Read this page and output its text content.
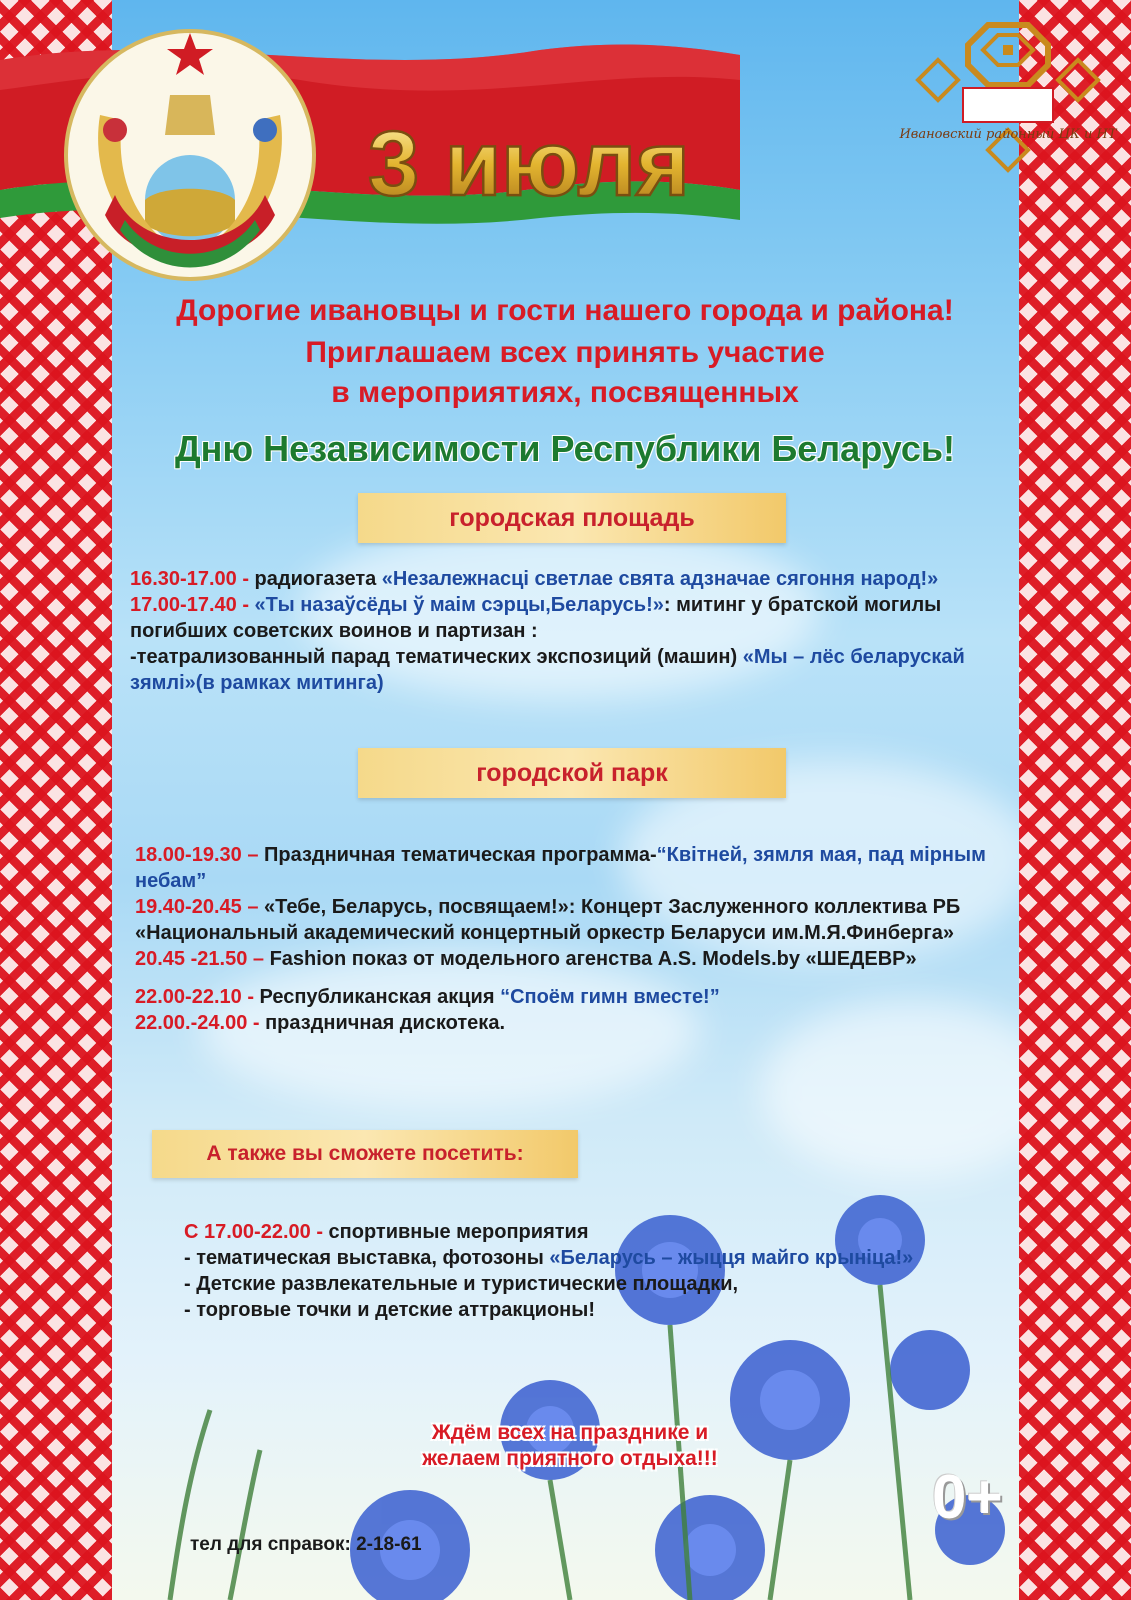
3 июля	Ивановский районный ЦК и НТ

Дорогие ивановцы и гости нашего города и района!

Приглашаем всех принять участие

в мероприятиях, посвященных

Дню Независимости Республики Беларусь!

городская площадь
16.30-17.00 - радиогазета «Незалежнасці светлае свята адзначае сягоння народ!»
17.00-17.40 - «Ты назаўсёды ў маім сэрцы,Беларусь!»: митинг у братской могилы погибших советских воинов и партизан :
-театрализованный парад тематических экспозиций (машин) «Мы – лёс беларускай зямлі»(в рамках митинга)
городской парк
18.00-19.30 – Праздничная тематическая программа-“Квітней, зямля мая, пад мірным небам”
19.40-20.45 – «Тебе, Беларусь, посвящаем!»: Концерт Заслуженного коллектива РБ «Национальный академический концертный оркестр Беларуси им.М.Я.Финберга»
20.45 -21.50 – Fashion показ от модельного агенства A.S. Models.by «ШЕДЕВР»
22.00-22.10 - Республиканская акция “Споём гимн вместе!”
22.00.-24.00 - праздничная дискотека.
А также вы сможете посетить:
С 17.00-22.00 - спортивные мероприятия
- тематическая выставка, фотозоны «Беларусь – жыцця майго крыніца!»
- Детские развлекательные и туристические площадки,
- торговые точки и детские аттракционы!
Ждём всех на празднике и
желаем приятного отдыха!!!
тел для справок: 2-18-61
0+
